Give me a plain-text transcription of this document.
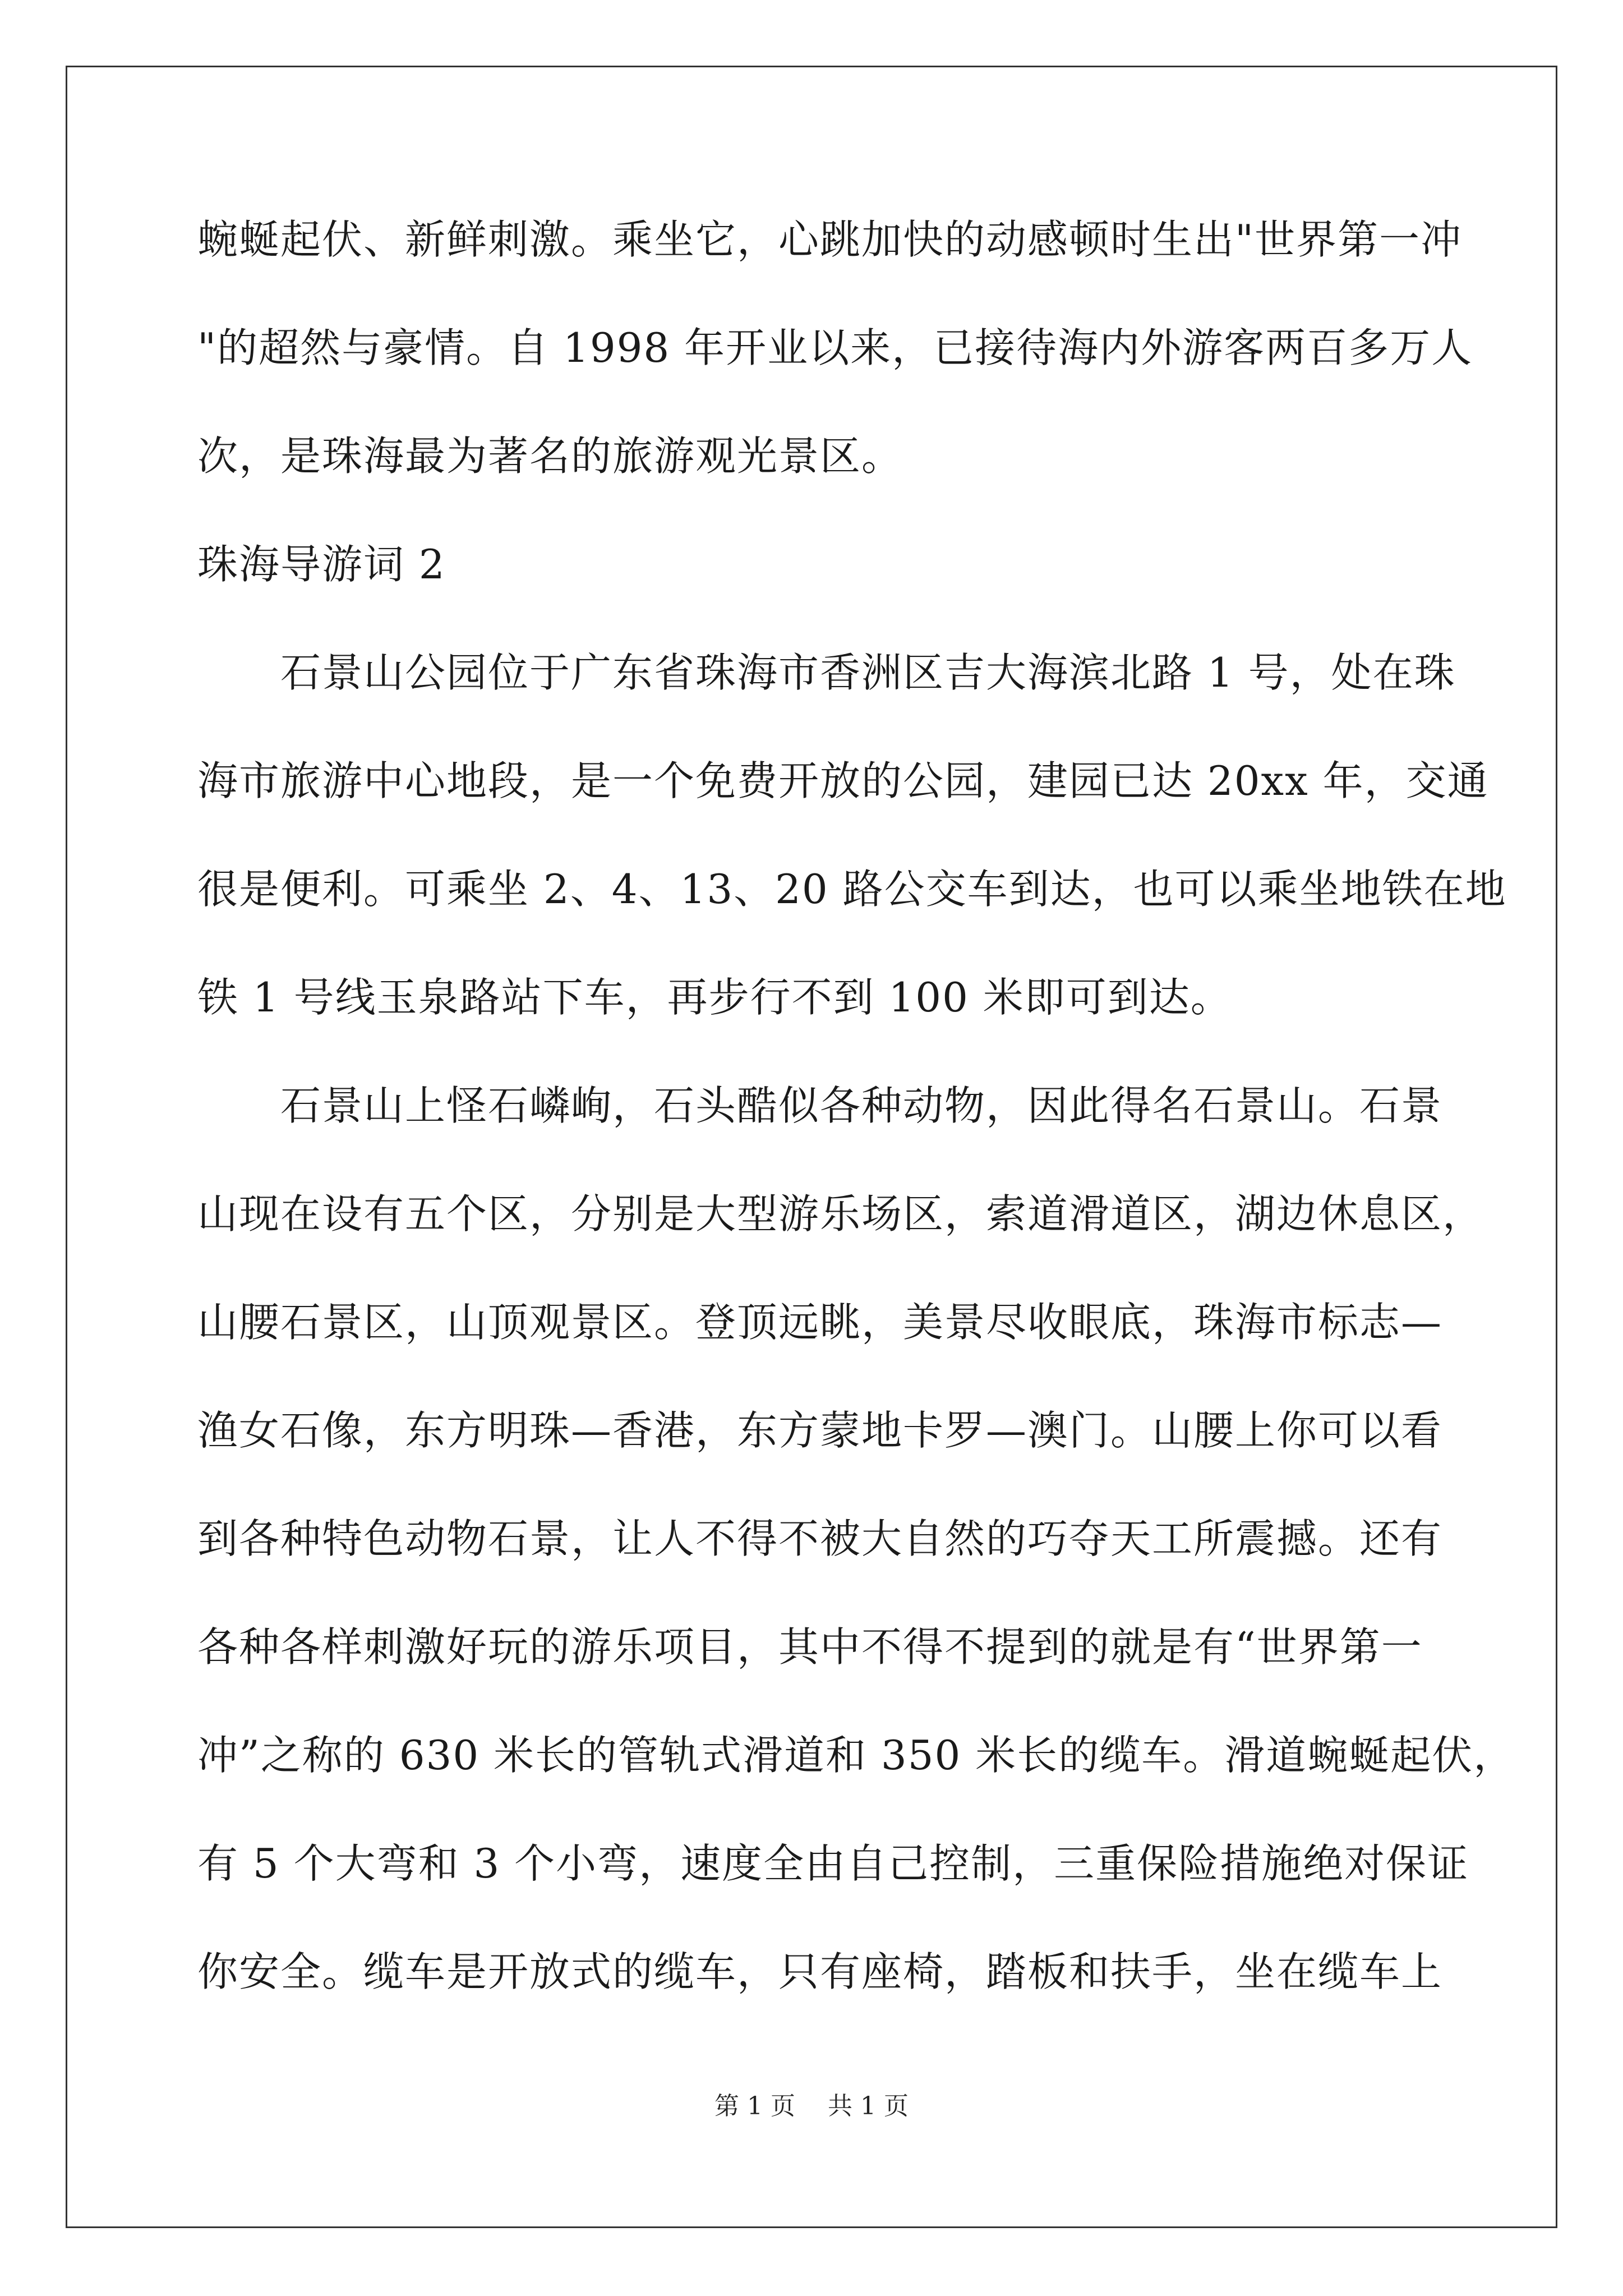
蜿蜒起伏、新鲜刺激。乘坐它，心跳加快的动感顿时生出"世界第一冲
"的超然与豪情。自 1998 年开业以来，已接待海内外游客两百多万人
次，是珠海最为著名的旅游观光景区。
珠海导游词 2
　　石景山公园位于广东省珠海市香洲区吉大海滨北路 1 号，处在珠
海市旅游中心地段，是一个免费开放的公园，建园已达 20xx 年，交通
很是便利。可乘坐 2、4、13、20 路公交车到达，也可以乘坐地铁在地
铁 1 号线玉泉路站下车，再步行不到 100 米即可到达。
　　石景山上怪石嶙峋，石头酷似各种动物，因此得名石景山。石景
山现在设有五个区，分别是大型游乐场区，索道滑道区，湖边休息区，
山腰石景区，山顶观景区。登顶远眺，美景尽收眼底，珠海市标志—
渔女石像，东方明珠—香港，东方蒙地卡罗—澳门。山腰上你可以看
到各种特色动物石景，让人不得不被大自然的巧夺天工所震撼。还有
各种各样刺激好玩的游乐项目，其中不得不提到的就是有“世界第一
冲”之称的 630 米长的管轨式滑道和 350 米长的缆车。滑道蜿蜒起伏，
有 5 个大弯和 3 个小弯，速度全由自己控制，三重保险措施绝对保证
你安全。缆车是开放式的缆车，只有座椅，踏板和扶手，坐在缆车上
第 1 页 共 1 页
